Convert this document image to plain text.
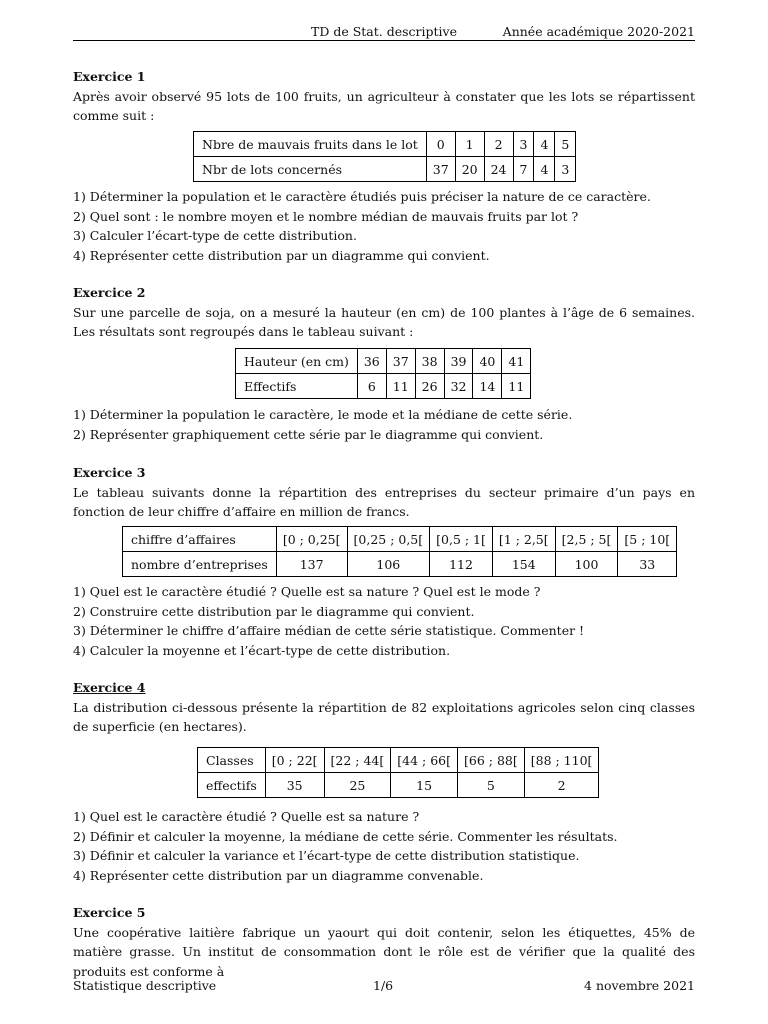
TD de Stat. descriptive	Année académique 2020-2021
Exercice 1
Après avoir observé 95 lots de 100 fruits, un agriculteur à constater que les lots se répartissent comme suit :
Nbre de mauvais fruits dans le lot	0	1	2	3	4	5
Nbr de lots concernés	37	20	24	7	4	3

1) Déterminer la population et le caractère étudiés puis préciser la nature de ce caractère.

2) Quel sont : le nombre moyen et le nombre médian de mauvais fruits par lot ?

3) Calculer l’écart-type de cette distribution.

4) Représenter cette distribution par un diagramme qui convient.

Exercice 2
Sur une parcelle de soja, on a mesuré la hauteur (en cm) de 100 plantes à l’âge de 6 semaines. Les résultats sont regroupés dans le tableau suivant :
Hauteur (en cm)	36	37	38	39	40	41
Effectifs	6	11	26	32	14	11

1) Déterminer la population le caractère, le mode et la médiane de cette série.

2) Représenter graphiquement cette série par le diagramme qui convient.

Exercice 3
Le tableau suivants donne la répartition des entreprises du secteur primaire d’un pays en fonction de leur chiffre d’affaire en million de francs.
chiffre d’affaires	[0 ; 0,25[	[0,25 ; 0,5[	[0,5 ; 1[	[1 ; 2,5[	[2,5 ; 5[	[5 ; 10[
nombre d’entreprises	137	106	112	154	100	33

1) Quel est le caractère étudié ? Quelle est sa nature ? Quel est le mode ?

2) Construire cette distribution par le diagramme qui convient.

3) Déterminer le chiffre d’affaire médian de cette série statistique. Commenter !

4) Calculer la moyenne et l’écart-type de cette distribution.

Exercice 4
La distribution ci-dessous présente la répartition de 82 exploitations agricoles selon cinq classes de superficie (en hectares).
Classes	[0 ; 22[	[22 ; 44[	[44 ; 66[	[66 ; 88[	[88 ; 110[
effectifs	35	25	15	5	2

1) Quel est le caractère étudié ? Quelle est sa nature ?

2) Définir et calculer la moyenne, la médiane de cette série. Commenter les résultats.

3) Définir et calculer la variance et l’écart-type de cette distribution statistique.

4) Représenter cette distribution par un diagramme convenable.

Exercice 5
Une coopérative laitière fabrique un yaourt qui doit contenir, selon les étiquettes, 45% de matière grasse. Un institut de consommation dont le rôle est de vérifier que la qualité des produits est conforme à
Statistique descriptive	1/6	4 novembre 2021
